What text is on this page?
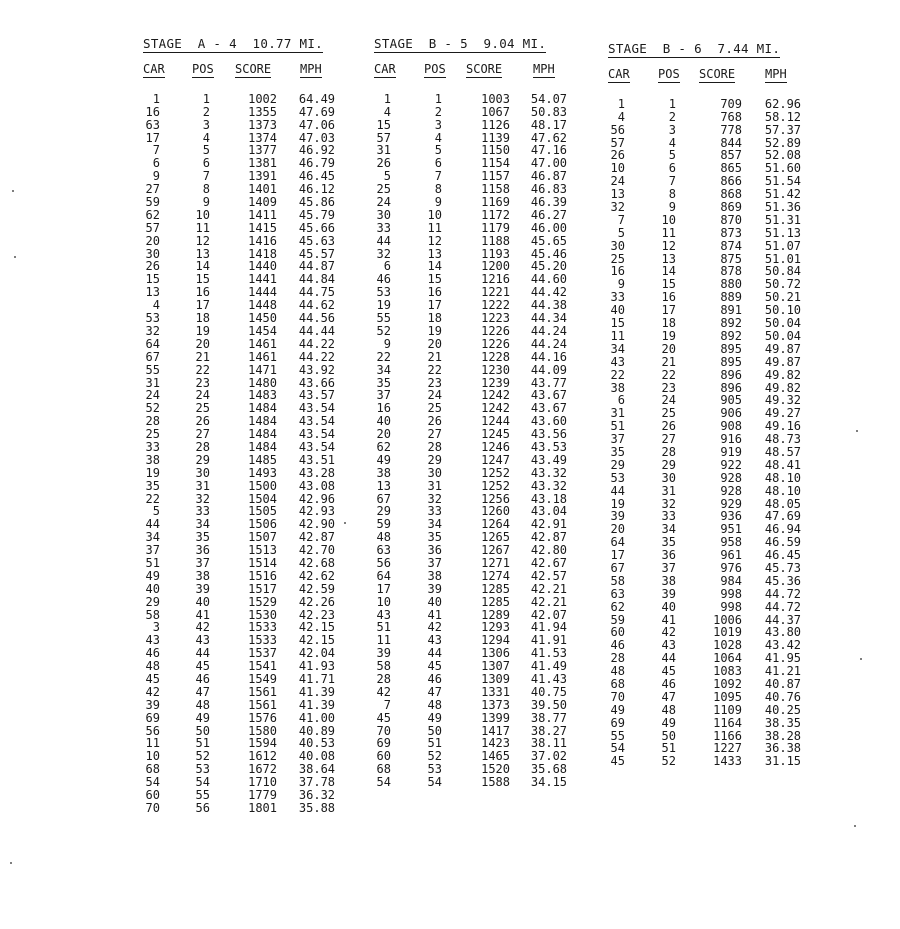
STAGE  A - 4  10.77 MI.
CAR POS SCORE MPH
1	1	1002 64.49
16	2	1355 47.69
63	3	1373 47.06
17	4	1374 47.03
7	5	1377 46.92
6	6	1381 46.79
9	7	1391 46.45
27	8	1401 46.12
59	9	1409 45.86
62	10	1411 45.79
57	11	1415 45.66
20	12	1416 45.63
30	13	1418 45.57
26	14	1440 44.87
15	15	1441 44.84
13	16	1444 44.75
4	17	1448 44.62
53	18	1450 44.56
32	19	1454 44.44
64	20	1461 44.22
67	21	1461 44.22
55	22	1471 43.92
31	23	1480 43.66
24	24	1483 43.57
52	25	1484 43.54
28	26	1484 43.54
25	27	1484 43.54
33	28	1484 43.54
38	29	1485 43.51
19	30	1493 43.28
35	31	1500 43.08
22	32	1504 42.96
5	33	1505 42.93
44	34	1506 42.90
34	35	1507 42.87
37	36	1513 42.70
51	37	1514 42.68
49	38	1516 42.62
40	39	1517 42.59
29	40	1529 42.26
58	41	1530 42.23
3	42	1533 42.15
43	43	1533 42.15
46	44	1537 42.04
48	45	1541 41.93
45	46	1549 41.71
42	47	1561 41.39
39	48	1561 41.39
69	49	1576 41.00
56	50	1580 40.89
11	51	1594 40.53
10	52	1612 40.08
68	53	1672 38.64
54	54	1710 37.78
60	55	1779 36.32
70	56	1801 35.88
STAGE  B - 5  9.04 MI.
CAR POS SCORE	MPH
1	1	1003 54.07
4	2	1067 50.83
15	3	1126 48.17
57	4	1139 47.62
31	5	1150 47.16
26	6	1154 47.00
5	7	1157 46.87
25	8	1158 46.83
24	9	1169 46.39
30	10	1172 46.27
33	11	1179 46.00
44	12	1188 45.65
32	13	1193 45.46
6	14	1200 45.20
46	15	1216 44.60
53	16	1221 44.42
19	17	1222 44.38
55	18	1223 44.34
52	19	1226 44.24
9	20	1226 44.24
22	21	1228 44.16
34	22	1230 44.09
35	23	1239 43.77
37	24	1242 43.67
16	25	1242 43.67
40	26	1244 43.60
20	27	1245 43.56
62	28	1246 43.53
49	29	1247 43.49
38	30	1252 43.32
13	31	1252 43.32
67	32	1256 43.18
29	33	1260 43.04
59	34	1264 42.91
48	35	1265 42.87
63	36	1267 42.80
56	37	1271 42.67
64	38	1274 42.57
17	39	1285 42.21
10	40	1285 42.21
43	41	1289 42.07
51	42	1293 41.94
11	43	1294 41.91
39	44	1306 41.53
58	45	1307 41.49
28	46	1309 41.43
42	47	1331 40.75
7	48	1373 39.50
45	49	1399 38.77
70	50	1417 38.27
69	51	1423 38.11
60	52	1465 37.02
68	53	1520 35.68
54	54	1588 34.15
STAGE  B - 6  7.44 MI.
CAR POS SCORE MPH
1	1	709 62.96
4	2	768 58.12
56	3	778 57.37
57	4	844 52.89
26	5	857 52.08
10	6	865 51.60
24	7	866 51.54
13	8	868 51.42
32	9	869 51.36
7	10	870 51.31
5	11	873 51.13
30	12	874 51.07
25	13	875 51.01
16	14	878 50.84
9	15	880 50.72
33	16	889 50.21
40	17	891 50.10
15	18	892 50.04
11	19	892 50.04
34	20	895 49.87
43	21	895 49.87
22	22	896 49.82
38	23	896 49.82
6	24	905 49.32
31	25	906 49.27
51	26	908 49.16
37	27	916 48.73
35	28	919 48.57
29	29	922 48.41
53	30	928 48.10
44	31	928 48.10
19	32	929 48.05
39	33	936 47.69
20	34	951 46.94
64	35	958 46.59
17	36	961 46.45
67	37	976 45.73
58	38	984 45.36
63	39	998 44.72
62	40	998 44.72
59	41	1006 44.37
60	42	1019 43.80
46	43	1028 43.42
28	44	1064 41.95
48	45	1083 41.21
68	46	1092 40.87
70	47	1095 40.76
49	48	1109 40.25
69	49	1164 38.35
55	50	1166 38.28
54	51	1227 36.38
45	52	1433 31.15
